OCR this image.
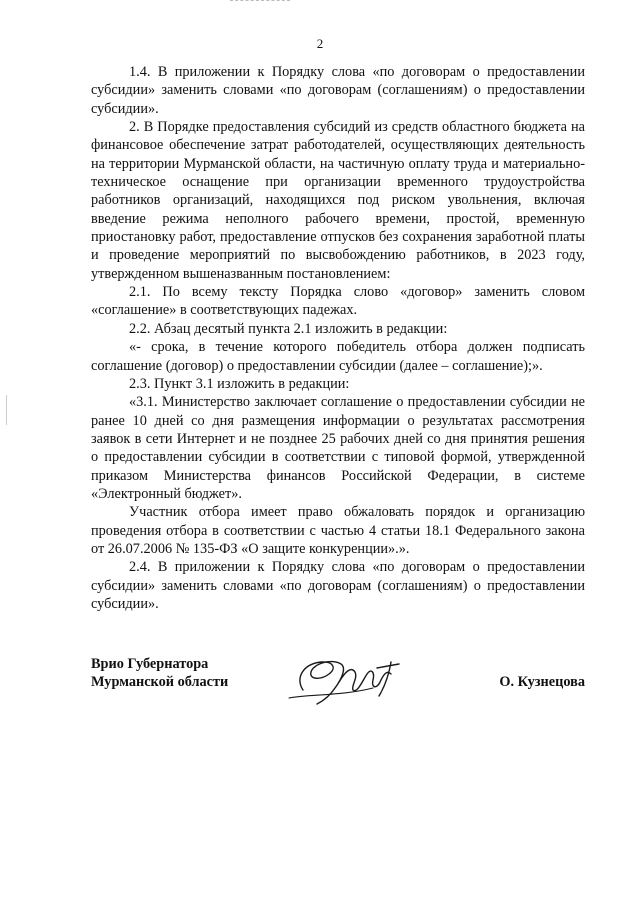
2

1.4. В приложении к Порядку слова «по договорам о предоставлении субсидии» заменить словами «по договорам (соглашениям) о предоставлении субсидии».

2. В Порядке предоставления субсидий из средств областного бюджета на финансовое обеспечение затрат работодателей, осуществляющих деятельность на территории Мурманской области, на частичную оплату труда и материально-техническое оснащение при организации временного трудоустройства работников организаций, находящихся под риском увольнения, включая введение режима неполного рабочего времени, простой, временную приостановку работ, предоставление отпусков без сохранения заработной платы и проведение мероприятий по высвобождению работников, в 2023 году, утвержденном вышеназванным постановлением:

2.1. По всему тексту Порядка слово «договор» заменить словом «соглашение» в соответствующих падежах.

2.2. Абзац десятый пункта 2.1 изложить в редакции:

«- срока, в течение которого победитель отбора должен подписать соглашение (договор) о предоставлении субсидии (далее – соглашение);».

2.3. Пункт 3.1 изложить в редакции:

«3.1. Министерство заключает соглашение о предоставлении субсидии не ранее 10 дней со дня размещения информации о результатах рассмотрения заявок в сети Интернет и не позднее 25 рабочих дней со дня принятия решения о предоставлении субсидии в соответствии с типовой формой, утвержденной приказом Министерства финансов Российской Федерации, в системе «Электронный бюджет».

Участник отбора имеет право обжаловать порядок и организацию проведения отбора в соответствии с частью 4 статьи 18.1 Федерального закона от 26.07.2006 № 135-ФЗ «О защите конкуренции».».

2.4. В приложении к Порядку слова «по договорам о предоставлении субсидии» заменить словами «по договорам (соглашениям) о предоставлении субсидии».

Врио Губернатора
Мурманской области	О. Кузнецова
